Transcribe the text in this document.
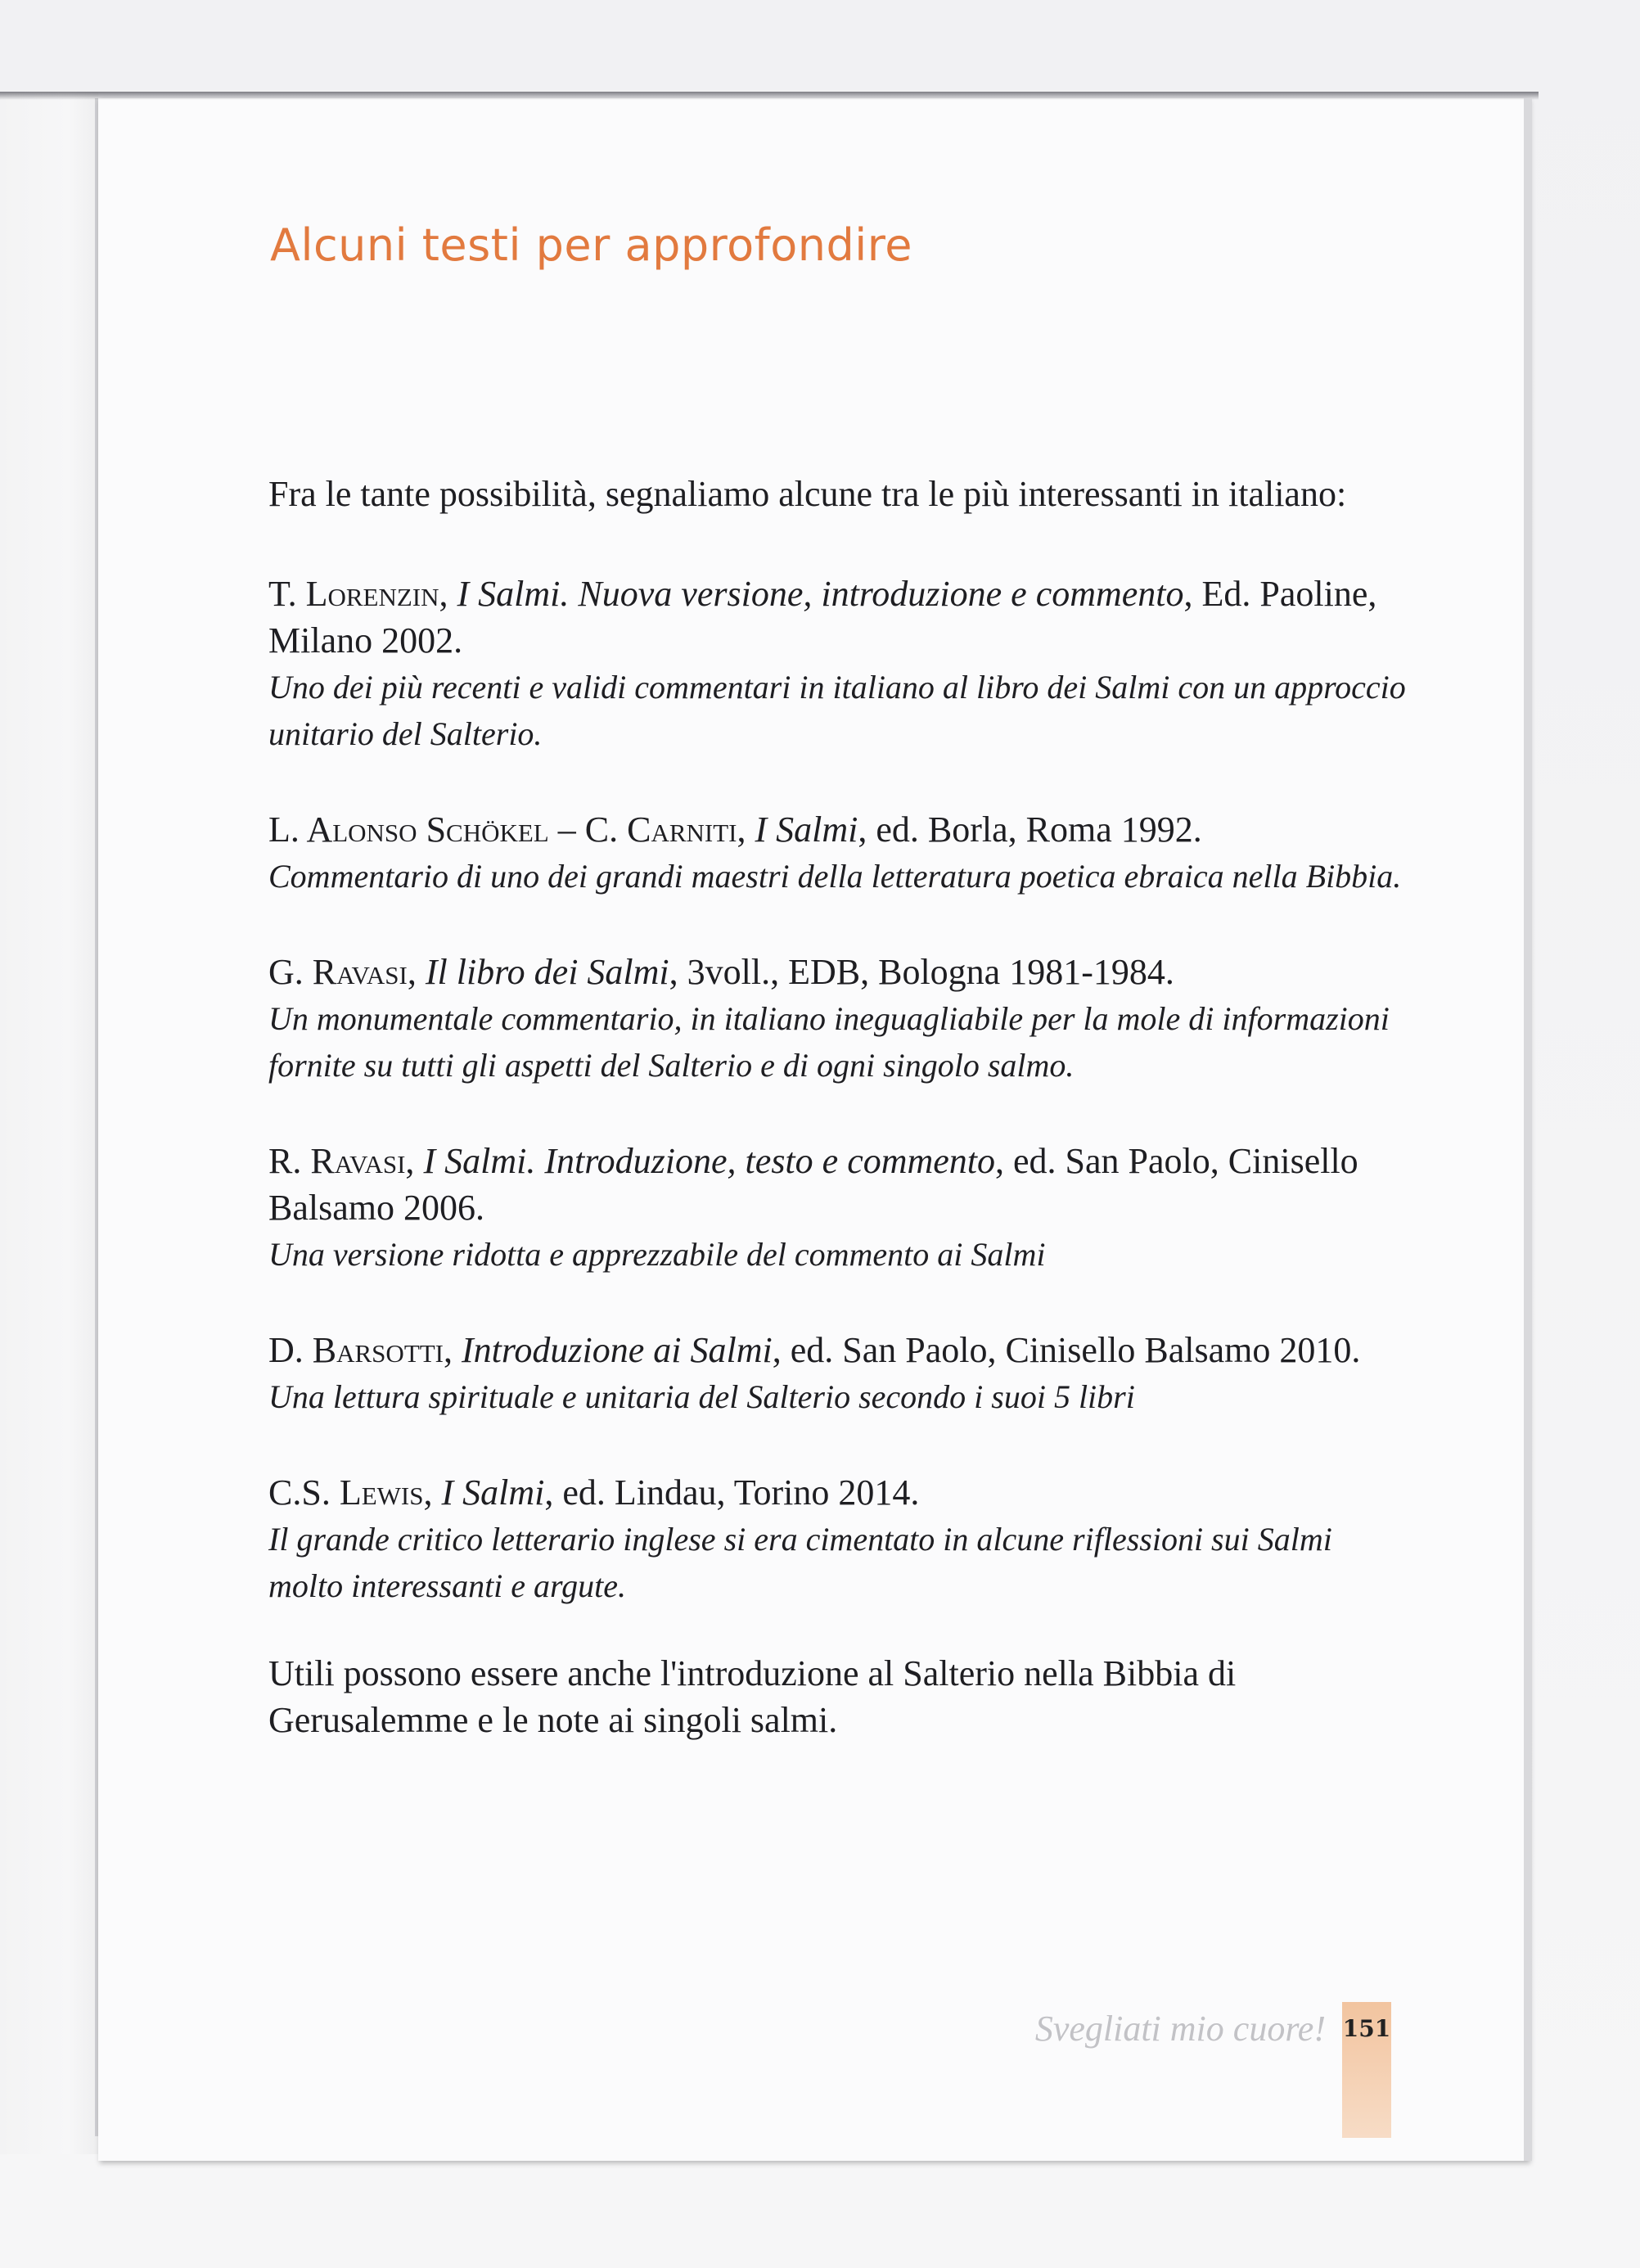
Alcuni testi per approfondire

Fra le tante possibilità, segnaliamo alcune tra le più interessanti in italiano:

T. Lorenzin, I Salmi. Nuova versione, introduzione e commento, Ed. Paoline, Milano 2002.

Uno dei più recenti e validi commentari in italiano al libro dei Salmi con un approccio unitario del Salterio.

L. Alonso Schökel – C. Carniti, I Salmi, ed. Borla, Roma 1992.

Commentario di uno dei grandi maestri della letteratura poetica ebraica nella Bibbia.

G. Ravasi, Il libro dei Salmi, 3voll., EDB, Bologna 1981-1984.

Un monumentale commentario, in italiano ineguagliabile per la mole di informazioni fornite su tutti gli aspetti del Salterio e di ogni singolo salmo.

R. Ravasi, I Salmi. Introduzione, testo e commento, ed. San Paolo, Cinisello Balsamo 2006.

Una versione ridotta e apprezzabile del commento ai Salmi

D. Barsotti, Introduzione ai Salmi, ed. San Paolo, Cinisello Balsamo 2010.

Una lettura spirituale e unitaria del Salterio secondo i suoi 5 libri

C.S. Lewis, I Salmi, ed. Lindau, Torino 2014.

Il grande critico letterario inglese si era cimentato in alcune riflessioni sui Salmi molto interessanti e argute.

Utili possono essere anche l'introduzione al Salterio nella Bibbia di Gerusalemme e le note ai singoli salmi.

Svegliati mio cuore! 151
